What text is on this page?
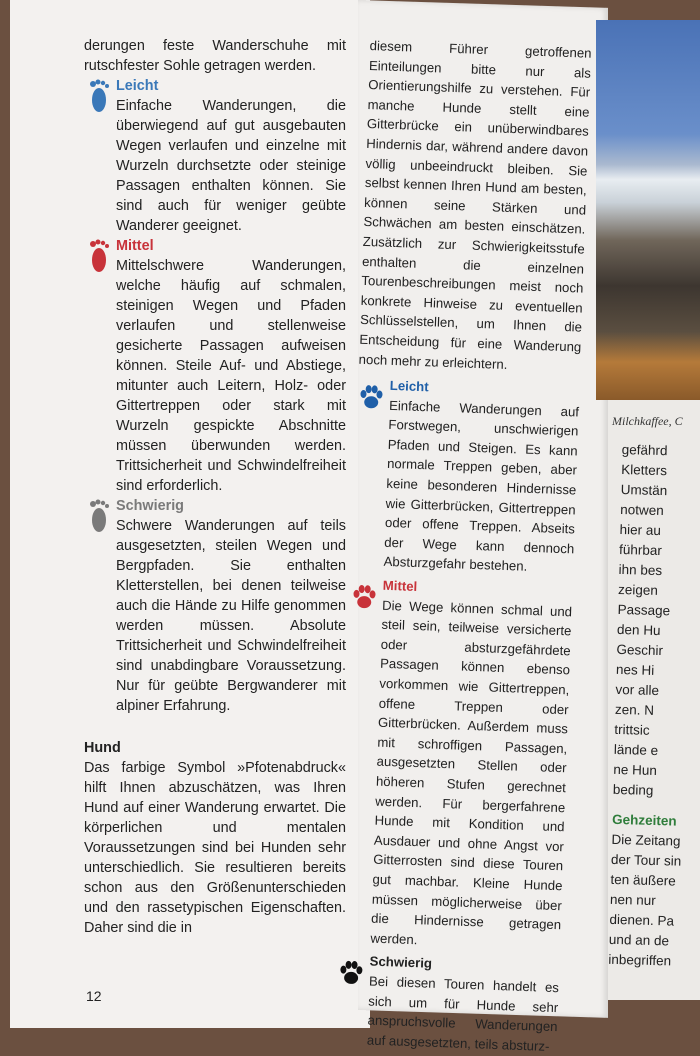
Milchkaffee, C

derungen feste Wanderschuhe mit rutschfester Sohle getragen werden.

Leicht

Einfache Wanderungen, die überwiegend auf gut ausgebauten Wegen verlaufen und einzelne mit Wurzeln durchsetzte oder steinige Passagen enthalten können. Sie sind auch für weniger geübte Wanderer geeignet.

Mittel

Mittelschwere Wanderungen, welche häufig auf schmalen, steinigen Wegen und Pfaden verlaufen und stellenweise gesicherte Passagen aufweisen können. Steile Auf- und Abstiege, mitunter auch Leitern, Holz- oder Gittertreppen oder stark mit Wurzeln gespickte Abschnitte müssen überwunden werden. Trittsicherheit und Schwindelfreiheit sind erforderlich.

Schwierig

Schwere Wanderungen auf teils ausgesetzten, steilen Wegen und Bergpfaden. Sie enthalten Kletterstellen, bei denen teilweise auch die Hände zu Hilfe genommen werden müssen. Absolute Trittsicherheit und Schwindelfreiheit sind unabdingbare Voraussetzung. Nur für geübte Bergwanderer mit alpiner Erfahrung.

Hund

Das farbige Symbol »Pfotenabdruck« hilft Ihnen abzuschätzen, was Ihren Hund auf einer Wanderung erwartet. Die körperlichen und mentalen Voraussetzungen sind bei Hunden sehr unterschiedlich. Sie resultieren bereits schon aus den Größenunterschieden und den rassetypischen Eigenschaften. Daher sind die in

diesem Führer getroffenen Einteilungen bitte nur als Orientierungshilfe zu verstehen. Für manche Hunde stellt eine Gitterbrücke ein unüberwindbares Hindernis dar, während andere davon völlig unbeeindruckt bleiben. Sie selbst kennen Ihren Hund am besten, können seine Stärken und Schwächen am besten einschätzen. Zusätzlich zur Schwierigkeitsstufe enthalten die einzelnen Tourenbeschreibungen meist noch konkrete Hinweise zu eventuellen Schlüsselstellen, um Ihnen die Entscheidung für eine Wanderung noch mehr zu erleichtern.

Leicht

Einfache Wanderungen auf Forstwegen, unschwierigen Pfaden und Steigen. Es kann normale Treppen geben, aber keine besonderen Hindernisse wie Gitterbrücken, Gittertreppen oder offene Treppen. Abseits der Wege kann dennoch Absturzgefahr bestehen.

Mittel

Die Wege können schmal und steil sein, teilweise versicherte oder absturzgefährdete Passagen können ebenso vorkommen wie Gittertreppen, offene Treppen oder Gitterbrücken. Außerdem muss mit schroffigen Passagen, ausgesetzten Stellen oder höheren Stufen gerechnet werden. Für bergerfahrene Hunde mit Kondition und Ausdauer und ohne Angst vor Gitterrosten sind diese Touren gut machbar. Kleine Hunde müssen möglicherweise über die Hindernisse getragen werden.

Schwierig

Bei diesen Touren handelt es sich um für Hunde sehr anspruchsvolle Wanderungen auf ausgesetzten, teils absturz-

gefährd

Kletters

Umstän

notwen

hier au

führbar

ihn bes

zeigen

Passage

den Hu

Geschir

nes Hi

vor alle

zen. N

trittsic

lände e

ne Hun

beding

Gehzeiten

Die Zeitang

der Tour sin

ten äußere

nen nur

dienen. Pa

und an de

inbegriffen

12
